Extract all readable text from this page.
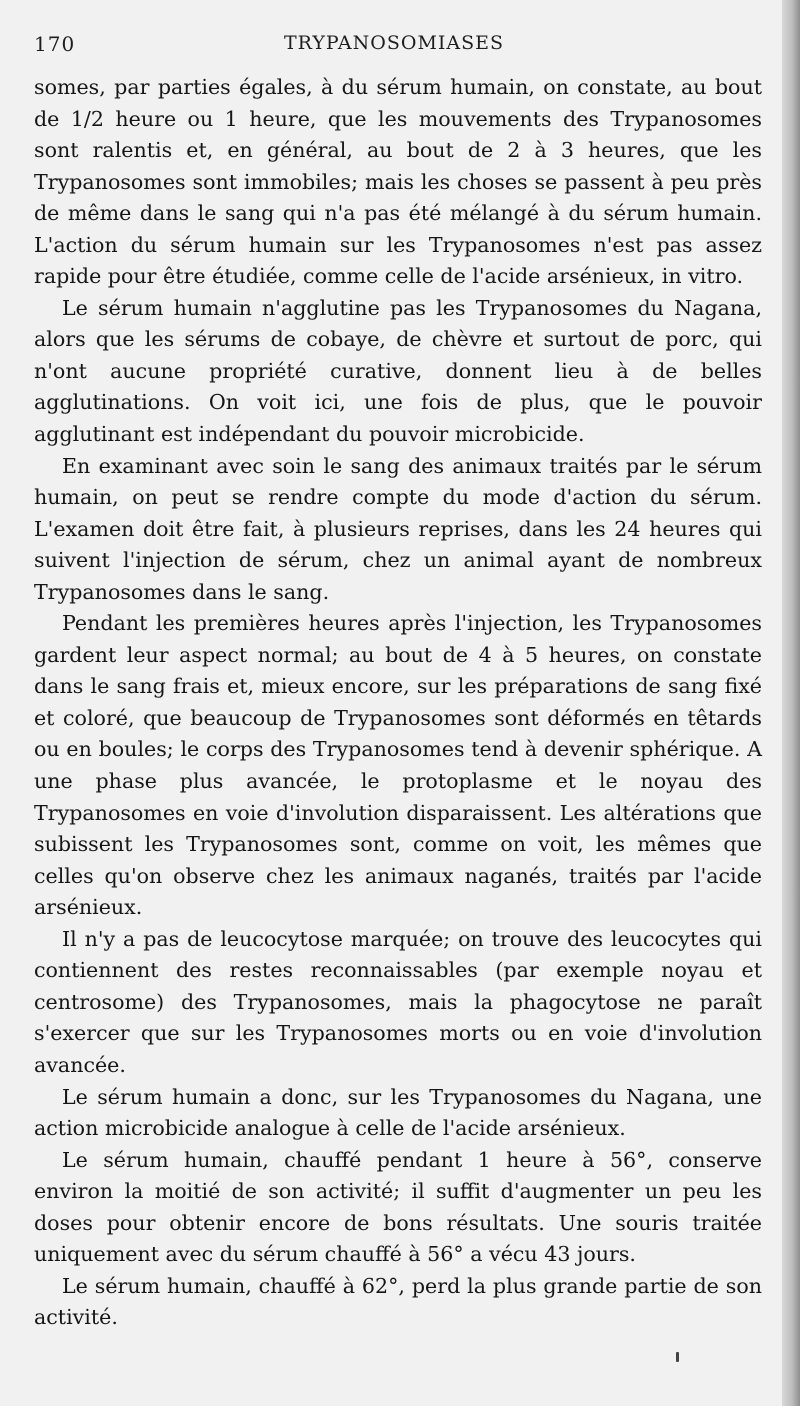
170	TRYPANOSOMIASES

somes, par parties égales, à du sérum humain, on constate, au bout de 1/2 heure ou 1 heure, que les mouvements des Trypanosomes sont ralentis et, en général, au bout de 2 à 3 heures, que les Trypanosomes sont immobiles; mais les choses se passent à peu près de même dans le sang qui n'a pas été mélangé à du sérum humain. L'action du sérum humain sur les Trypanosomes n'est pas assez rapide pour être étudiée, comme celle de l'acide arsénieux, in vitro.

Le sérum humain n'agglutine pas les Trypanosomes du Nagana, alors que les sérums de cobaye, de chèvre et surtout de porc, qui n'ont aucune propriété curative, donnent lieu à de belles agglutinations. On voit ici, une fois de plus, que le pouvoir agglutinant est indépendant du pouvoir microbicide.

En examinant avec soin le sang des animaux traités par le sérum humain, on peut se rendre compte du mode d'action du sérum. L'examen doit être fait, à plusieurs reprises, dans les 24 heures qui suivent l'injection de sérum, chez un animal ayant de nombreux Trypanosomes dans le sang.

Pendant les premières heures après l'injection, les Trypanosomes gardent leur aspect normal; au bout de 4 à 5 heures, on constate dans le sang frais et, mieux encore, sur les préparations de sang fixé et coloré, que beaucoup de Trypanosomes sont déformés en têtards ou en boules; le corps des Trypanosomes tend à devenir sphérique. A une phase plus avancée, le protoplasme et le noyau des Trypanosomes en voie d'involution disparaissent. Les altérations que subissent les Trypanosomes sont, comme on voit, les mêmes que celles qu'on observe chez les animaux naganés, traités par l'acide arsénieux.

Il n'y a pas de leucocytose marquée; on trouve des leucocytes qui contiennent des restes reconnaissables (par exemple noyau et centrosome) des Trypanosomes, mais la phagocytose ne paraît s'exercer que sur les Trypanosomes morts ou en voie d'involution avancée.

Le sérum humain a donc, sur les Trypanosomes du Nagana, une action microbicide analogue à celle de l'acide arsénieux.

Le sérum humain, chauffé pendant 1 heure à 56°, conserve environ la moitié de son activité; il suffit d'augmenter un peu les doses pour obtenir encore de bons résultats. Une souris traitée uniquement avec du sérum chauffé à 56° a vécu 43 jours.

Le sérum humain, chauffé à 62°, perd la plus grande partie de son activité.
